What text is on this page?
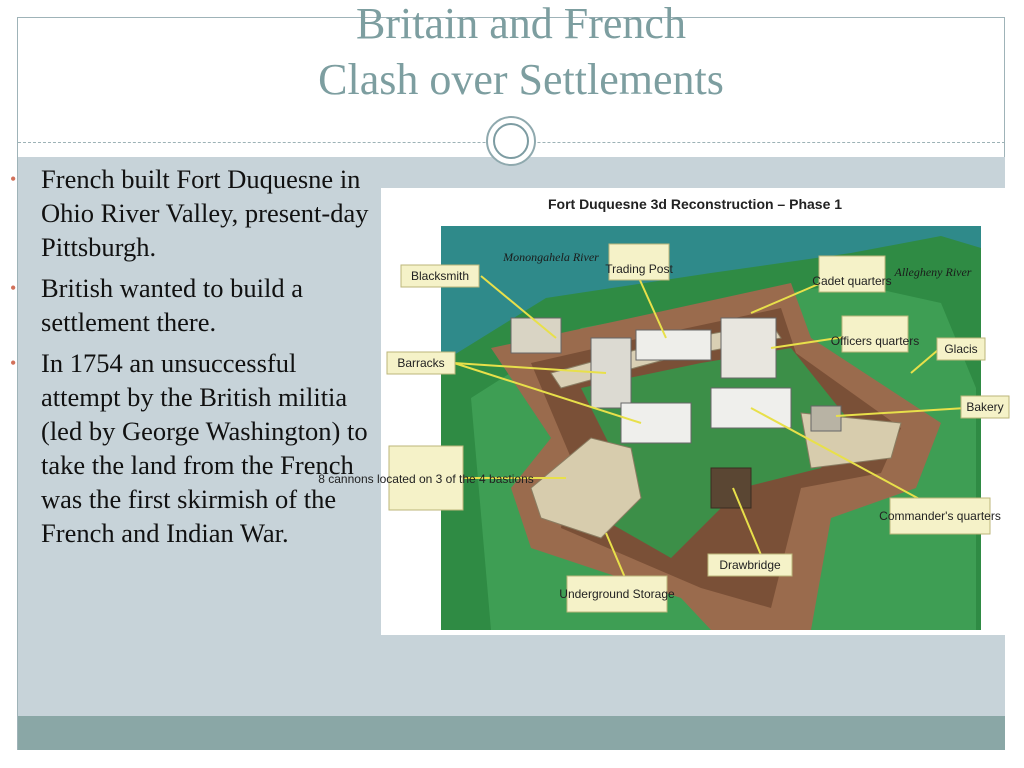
Britain and French
Clash over Settlements
• French built Fort Duquesne in Ohio River Valley, present-day Pittsburgh.
• British wanted to build a settlement there.
• In 1754 an unsuccessful attempt by the British militia (led by George Washington) to take the land from the French was the first skirmish of the French and Indian War.
Fort Duquesne 3d Reconstruction – Phase 1
Monongahela River
Allegheny River
Blacksmith	Trading Post
Cadet quarters
Officers quarters
Glacis
Barracks
Bakery
8 cannons located on 3 of the 4 bastions
Commander's quarters
Drawbridge
Underground Storage
